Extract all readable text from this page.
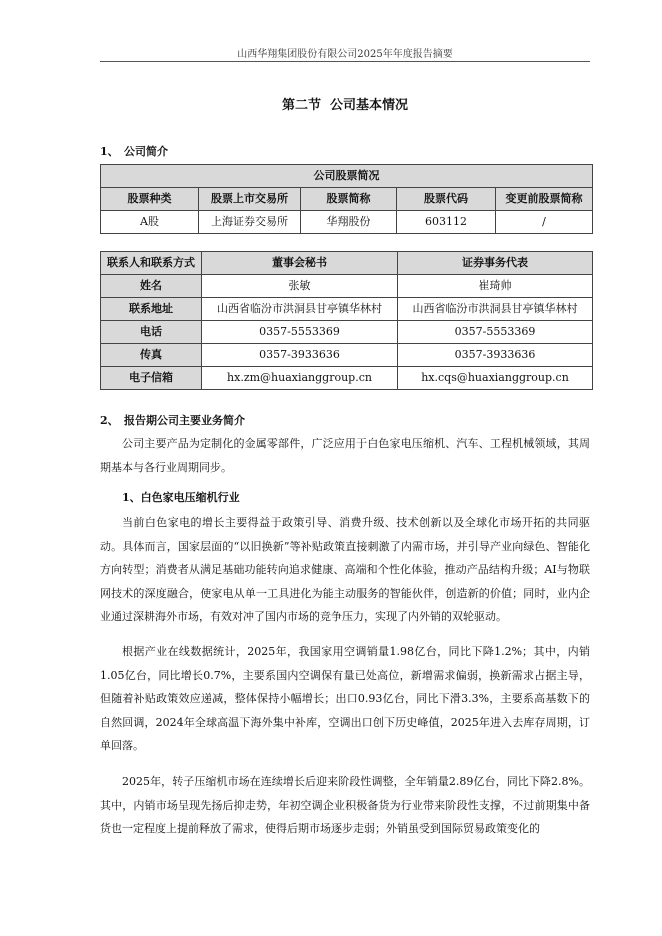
山西华翔集团股份有限公司2025年年度报告摘要
第二节  公司基本情况
1、 公司简介
公司股票简况				
股票种类	股票上市交易所	股票简称	股票代码	变更前股票简称
A股	上海证券交易所	华翔股份	603112	/
联系人和联系方式	董事会秘书	证券事务代表
姓名	张敏	崔琦帅
联系地址	山西省临汾市洪洞县甘亭镇华林村	山西省临汾市洪洞县甘亭镇华林村
电话	0357-5553369	0357-5553369
传真	0357-3933636	0357-3933636
电子信箱	hx.zm@huaxianggroup.cn	hx.cqs@huaxianggroup.cn
2、 报告期公司主要业务简介

公司主要产品为定制化的金属零部件，广泛应用于白色家电压缩机、汽车、工程机械领域，其周期基本与各行业周期同步。

1、白色家电压缩机行业

当前白色家电的增长主要得益于政策引导、消费升级、技术创新以及全球化市场开拓的共同驱动。具体而言，国家层面的“以旧换新”等补贴政策直接刺激了内需市场，并引导产业向绿色、智能化方向转型；消费者从满足基础功能转向追求健康、高端和个性化体验，推动产品结构升级；AI与物联网技术的深度融合，使家电从单一工具进化为能主动服务的智能伙伴，创造新的价值；同时，业内企业通过深耕海外市场，有效对冲了国内市场的竞争压力，实现了内外销的双轮驱动。

根据产业在线数据统计，2025年，我国家用空调销量1.98亿台，同比下降1.2%；其中，内销1.05亿台，同比增长0.7%，主要系国内空调保有量已处高位，新增需求偏弱，换新需求占据主导，但随着补贴政策效应递减，整体保持小幅增长；出口0.93亿台，同比下滑3.3%，主要系高基数下的自然回调，2024年全球高温下海外集中补库，空调出口创下历史峰值，2025年进入去库存周期，订单回落。

2025年，转子压缩机市场在连续增长后迎来阶段性调整，全年销量2.89亿台，同比下降2.8%。其中，内销市场呈现先扬后抑走势，年初空调企业积极备货为行业带来阶段性支撑，不过前期集中备货也一定程度上提前释放了需求，使得后期市场逐步走弱；外销虽受到国际贸易政策变化的
